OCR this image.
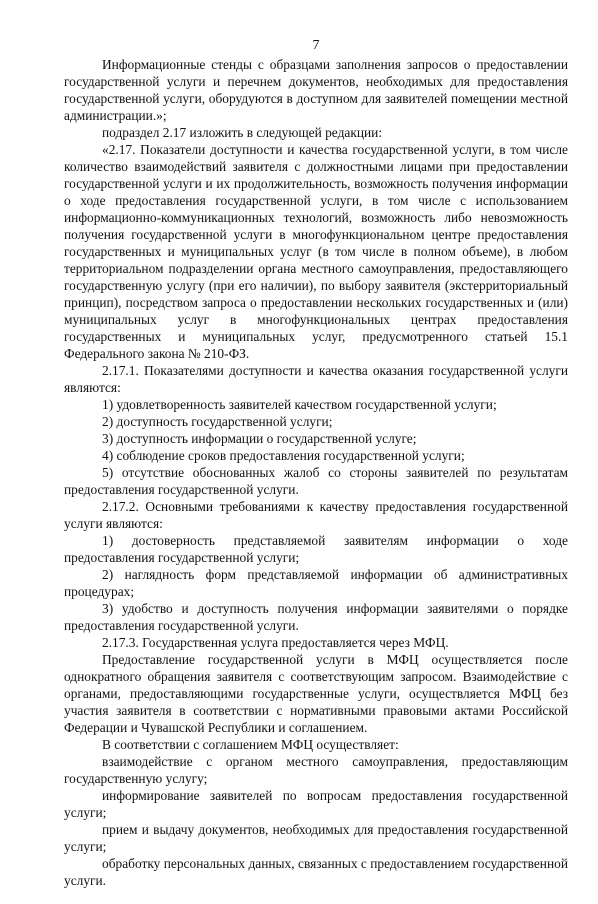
7

Информационные стенды с образцами заполнения запросов о предоставлении государственной услуги и перечнем документов, необходимых для предоставления государственной услуги, оборудуются в доступном для заявителей помещении местной администрации.»;

подраздел 2.17 изложить в следующей редакции:

«2.17. Показатели доступности и качества государственной услуги, в том числе количество взаимодействий заявителя с должностными лицами при предоставлении государственной услуги и их продолжительность, возможность получения информации о ходе предоставления государственной услуги, в том числе с использованием информационно-коммуникационных технологий, возможность либо невозможность получения государственной услуги в многофункциональном центре предоставления государственных и муниципальных услуг (в том числе в полном объеме), в любом территориальном подразделении органа местного самоуправления, предоставляющего государственную услугу (при его наличии), по выбору заявителя (экстерриториальный принцип), посредством запроса о предоставлении нескольких государственных и (или) муниципальных услуг в многофункциональных центрах предоставления государственных и муниципальных услуг, предусмотренного статьей 15.1 Федерального закона № 210-ФЗ.

2.17.1. Показателями доступности и качества оказания государственной услуги являются:

1) удовлетворенность заявителей качеством государственной услуги;

2) доступность государственной услуги;

3) доступность информации о государственной услуге;

4) соблюдение сроков предоставления государственной услуги;

5) отсутствие обоснованных жалоб со стороны заявителей по результатам предоставления государственной услуги.

2.17.2. Основными требованиями к качеству предоставления государственной услуги являются:

1) достоверность представляемой заявителям информации о ходе предоставления государственной услуги;

2) наглядность форм представляемой информации об административных процедурах;

3) удобство и доступность получения информации заявителями о порядке предоставления государственной услуги.

2.17.3. Государственная услуга предоставляется через МФЦ.

Предоставление государственной услуги в МФЦ осуществляется после однократного обращения заявителя с соответствующим запросом. Взаимодействие с органами, предоставляющими государственные услуги, осуществляется МФЦ без участия заявителя в соответствии с нормативными правовыми актами Российской Федерации и Чувашской Республики и соглашением.

В соответствии с соглашением МФЦ осуществляет:

взаимодействие с органом местного самоуправления, предоставляющим государственную услугу;

информирование заявителей по вопросам предоставления государственной услуги;

прием и выдачу документов, необходимых для предоставления государственной услуги;

обработку персональных данных, связанных с предоставлением государственной услуги.
